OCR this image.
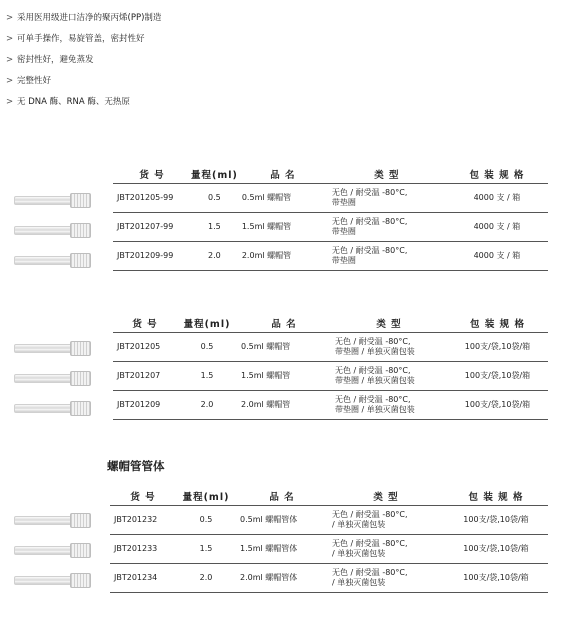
> 采用医用级进口洁净的聚丙烯(PP)制造
> 可单手操作，易旋管盖，密封性好
> 密封性好，避免蒸发
> 完整性好
> 无 DNA 酶、RNA 酶、无热原
货 号	量程(ml)	品 名	类 型	包 装 规 格
JBT201205-99	0.5	0.5ml 螺帽管	无色 / 耐受温 -80°C,
带垫圈	4000 支 / 箱
JBT201207-99	1.5	1.5ml 螺帽管	无色 / 耐受温 -80°C,
带垫圈	4000 支 / 箱
JBT201209-99	2.0	2.0ml 螺帽管	无色 / 耐受温 -80°C,
带垫圈	4000 支 / 箱
货 号	量程(ml)	品 名	类 型	包 装 规 格
JBT201205	0.5	0.5ml 螺帽管	无色 / 耐受温 -80°C,
带垫圈 / 单独灭菌包装	100支/袋,10袋/箱
JBT201207	1.5	1.5ml 螺帽管	无色 / 耐受温 -80°C,
带垫圈 / 单独灭菌包装	100支/袋,10袋/箱
JBT201209	2.0	2.0ml 螺帽管	无色 / 耐受温 -80°C,
带垫圈 / 单独灭菌包装	100支/袋,10袋/箱
螺帽管管体
货 号	量程(ml)	品 名	类 型	包 装 规 格
JBT201232	0.5	0.5ml 螺帽管体	无色 / 耐受温 -80°C,
/ 单独灭菌包装	100支/袋,10袋/箱
JBT201233	1.5	1.5ml 螺帽管体	无色 / 耐受温 -80°C,
/ 单独灭菌包装	100支/袋,10袋/箱
JBT201234	2.0	2.0ml 螺帽管体	无色 / 耐受温 -80°C,
/ 单独灭菌包装	100支/袋,10袋/箱
